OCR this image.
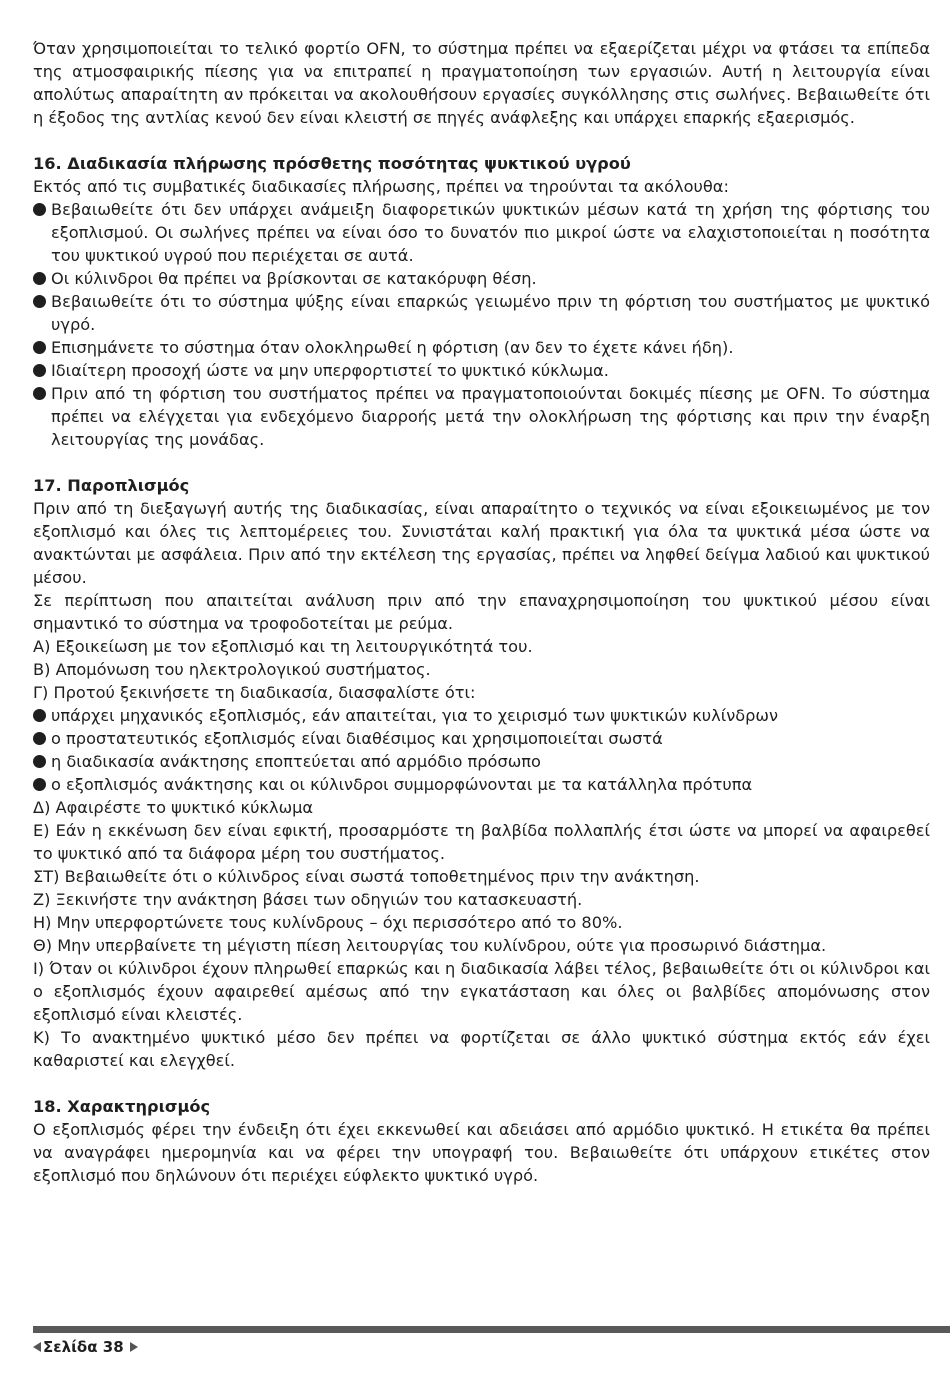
Όταν χρησιμοποιείται το τελικό φορτίο OFN, το σύστημα πρέπει να εξαερίζεται μέχρι να φτάσει τα επίπεδα της ατμοσφαιρικής πίεσης για να επιτραπεί η πραγματοποίηση των εργασιών. Αυτή η λειτουργία είναι απολύτως απαραίτητη αν πρόκειται να ακολουθήσουν εργασίες συγκόλλησης στις σωλήνες. Βεβαιωθείτε ότι η έξοδος της αντλίας κενού δεν είναι κλειστή σε πηγές ανάφλεξης και υπάρχει επαρκής εξαερισμός.

16. Διαδικασία πλήρωσης πρόσθετης ποσότητας ψυκτικού υγρού

Εκτός από τις συμβατικές διαδικασίες πλήρωσης, πρέπει να τηρούνται τα ακόλουθα:

Βεβαιωθείτε ότι δεν υπάρχει ανάμειξη διαφορετικών ψυκτικών μέσων κατά τη χρήση της φόρτισης του εξοπλισμού. Οι σωλήνες πρέπει να είναι όσο το δυνατόν πιο μικροί ώστε να ελαχιστοποιείται η ποσότητα του ψυκτικού υγρού που περιέχεται σε αυτά.
Οι κύλινδροι θα πρέπει να βρίσκονται σε κατακόρυφη θέση.
Βεβαιωθείτε ότι το σύστημα ψύξης είναι επαρκώς γειωμένο πριν τη φόρτιση του συστήματος με ψυκτικό υγρό.
Επισημάνετε το σύστημα όταν ολοκληρωθεί η φόρτιση (αν δεν το έχετε κάνει ήδη).
Ιδιαίτερη προσοχή ώστε να μην υπερφορτιστεί το ψυκτικό κύκλωμα.
Πριν από τη φόρτιση του συστήματος πρέπει να πραγματοποιούνται δοκιμές πίεσης με OFN. Το σύστημα πρέπει να ελέγχεται για ενδεχόμενο διαρροής μετά την ολοκλήρωση της φόρτισης και πριν την έναρξη λειτουργίας της μονάδας.
17. Παροπλισμός

Πριν από τη διεξαγωγή αυτής της διαδικασίας, είναι απαραίτητο ο τεχνικός να είναι εξοικειωμένος με τον εξοπλισμό και όλες τις λεπτομέρειες του. Συνιστάται καλή πρακτική για όλα τα ψυκτικά μέσα ώστε να ανακτώνται με ασφάλεια. Πριν από την εκτέλεση της εργασίας, πρέπει να ληφθεί δείγμα λαδιού και ψυκτικού μέσου.

Σε περίπτωση που απαιτείται ανάλυση πριν από την επαναχρησιμοποίηση του ψυκτικού μέσου είναι σημαντικό το σύστημα να τροφοδοτείται με ρεύμα.

Α) Εξοικείωση με τον εξοπλισμό και τη λειτουργικότητά του.

Β) Απομόνωση του ηλεκτρολογικού συστήματος.

Γ) Προτού ξεκινήσετε τη διαδικασία, διασφαλίστε ότι:

υπάρχει μηχανικός εξοπλισμός, εάν απαιτείται, για το χειρισμό των ψυκτικών κυλίνδρων
ο προστατευτικός εξοπλισμός είναι διαθέσιμος και χρησιμοποιείται σωστά
η διαδικασία ανάκτησης εποπτεύεται από αρμόδιο πρόσωπο
ο εξοπλισμός ανάκτησης και οι κύλινδροι συμμορφώνονται με τα κατάλληλα πρότυπα

Δ) Αφαιρέστε το ψυκτικό κύκλωμα

Ε) Εάν η εκκένωση δεν είναι εφικτή, προσαρμόστε τη βαλβίδα πολλαπλής έτσι ώστε να μπορεί να αφαιρεθεί το ψυκτικό από τα διάφορα μέρη του συστήματος.

ΣΤ) Βεβαιωθείτε ότι ο κύλινδρος είναι σωστά τοποθετημένος πριν την ανάκτηση.

Ζ) Ξεκινήστε την ανάκτηση βάσει των οδηγιών του κατασκευαστή.

Η) Μην υπερφορτώνετε τους κυλίνδρους – όχι περισσότερο από το 80%.

Θ) Μην υπερβαίνετε τη μέγιστη πίεση λειτουργίας του κυλίνδρου, ούτε για προσωρινό διάστημα.

Ι) Όταν οι κύλινδροι έχουν πληρωθεί επαρκώς και η διαδικασία λάβει τέλος, βεβαιωθείτε ότι οι κύλινδροι και ο εξοπλισμός έχουν αφαιρεθεί αμέσως από την εγκατάσταση και όλες οι βαλβίδες απομόνωσης στον εξοπλισμό είναι κλειστές.

Κ) Το ανακτημένο ψυκτικό μέσο δεν πρέπει να φορτίζεται σε άλλο ψυκτικό σύστημα εκτός εάν έχει καθαριστεί και ελεγχθεί.

18. Χαρακτηρισμός

Ο εξοπλισμός φέρει την ένδειξη ότι έχει εκκενωθεί και αδειάσει από αρμόδιο ψυκτικό. Η ετικέτα θα πρέπει να αναγράφει ημερομηνία και να φέρει την υπογραφή του. Βεβαιωθείτε ότι υπάρχουν ετικέτες στον εξοπλισμό που δηλώνουν ότι περιέχει εύφλεκτο ψυκτικό υγρό.

Σελίδα 38
